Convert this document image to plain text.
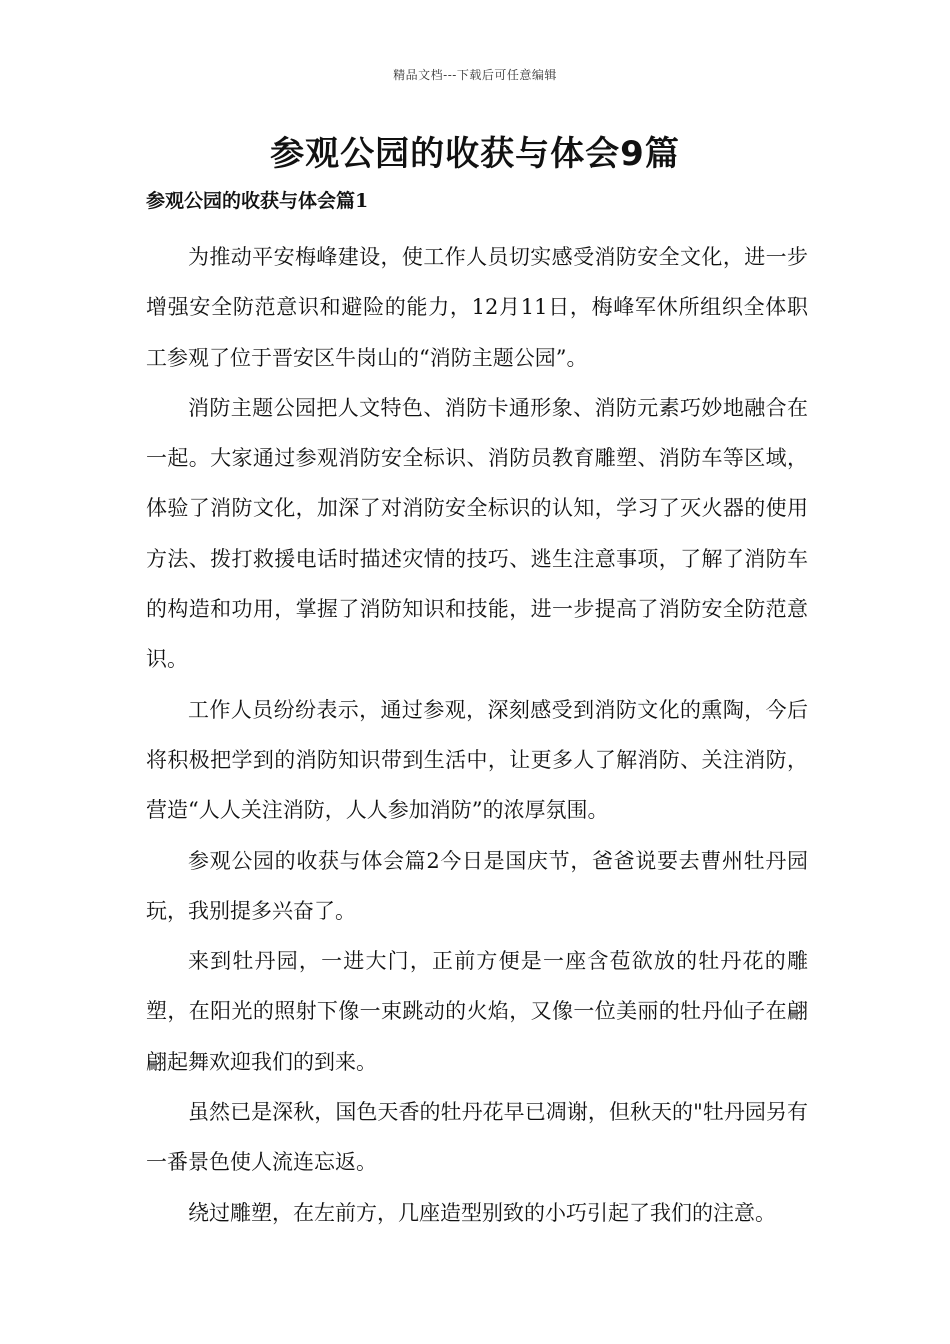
精品文档---下载后可任意编辑
参观公园的收获与体会9篇
参观公园的收获与体会篇1

为推动平安梅峰建设，使工作人员切实感受消防安全文化，进一步增强安全防范意识和避险的能力，12月11日，梅峰军休所组织全体职工参观了位于晋安区牛岗山的“消防主题公园”。

消防主题公园把人文特色、消防卡通形象、消防元素巧妙地融合在一起。大家通过参观消防安全标识、消防员教育雕塑、消防车等区域，体验了消防文化，加深了对消防安全标识的认知，学习了灭火器的使用方法、拨打救援电话时描述灾情的技巧、逃生注意事项，了解了消防车的构造和功用，掌握了消防知识和技能，进一步提高了消防安全防范意识。

工作人员纷纷表示，通过参观，深刻感受到消防文化的熏陶，今后将积极把学到的消防知识带到生活中，让更多人了解消防、关注消防，营造“人人关注消防，人人参加消防”的浓厚氛围。

参观公园的收获与体会篇2今日是国庆节，爸爸说要去曹州牡丹园玩，我别提多兴奋了。

来到牡丹园，一进大门，正前方便是一座含苞欲放的牡丹花的雕塑，在阳光的照射下像一束跳动的火焰，又像一位美丽的牡丹仙子在翩翩起舞欢迎我们的到来。

虽然已是深秋，国色天香的牡丹花早已凋谢，但秋天的"牡丹园另有一番景色使人流连忘返。

绕过雕塑，在左前方，几座造型别致的小巧引起了我们的注意。
